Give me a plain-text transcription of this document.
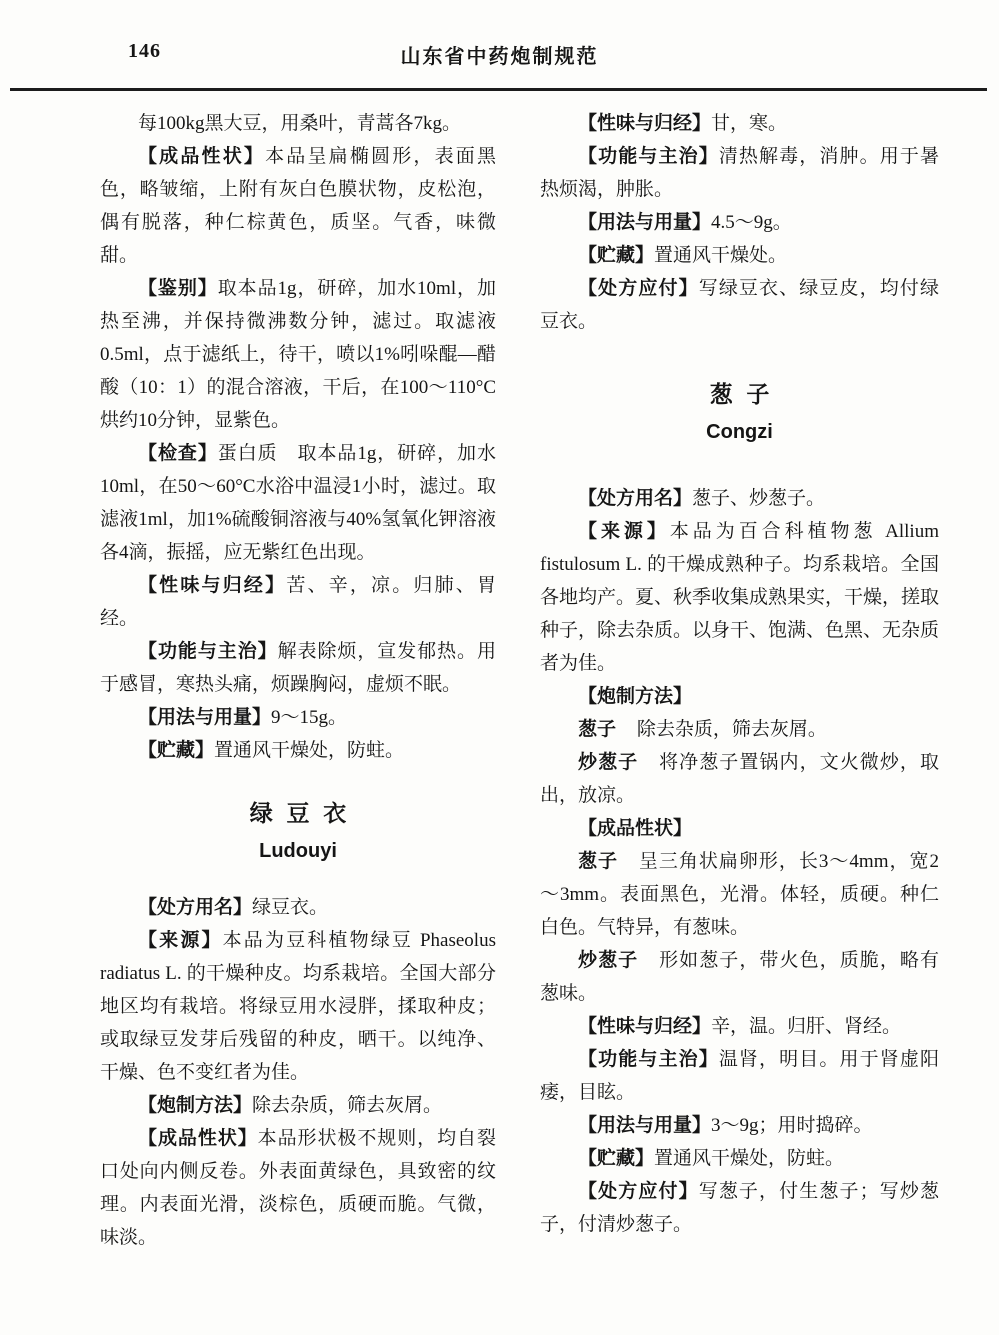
146	山东省中药炮制规范

每100kg黑大豆，用桑叶，青蒿各7kg。

【成品性状】本品呈扁椭圆形，表面黑色，略皱缩，上附有灰白色膜状物，皮松泡，偶有脱落，种仁棕黄色，质坚。气香，味微甜。

【鉴别】取本品1g，研碎，加水10ml，加热至沸，并保持微沸数分钟，滤过。取滤液0.5ml，点于滤纸上，待干，喷以1%吲哚醌—醋酸（10：1）的混合溶液，干后，在100～110°C烘约10分钟，显紫色。

【检查】蛋白质　取本品1g，研碎，加水10ml，在50～60°C水浴中温浸1小时，滤过。取滤液1ml，加1%硫酸铜溶液与40%氢氧化钾溶液各4滴，振摇，应无紫红色出现。

【性味与归经】苦、辛，凉。归肺、胃经。

【功能与主治】解表除烦，宣发郁热。用于感冒，寒热头痛，烦躁胸闷，虚烦不眠。

【用法与用量】9～15g。

【贮藏】置通风干燥处，防蛀。

绿豆衣
Ludouyi

【处方用名】绿豆衣。

【来源】本品为豆科植物绿豆 Phaseolus radiatus L. 的干燥种皮。均系栽培。全国大部分地区均有栽培。将绿豆用水浸胖，揉取种皮；或取绿豆发芽后残留的种皮，晒干。以纯净、干燥、色不变红者为佳。

【炮制方法】除去杂质，筛去灰屑。

【成品性状】本品形状极不规则，均自裂口处向内侧反卷。外表面黄绿色，具致密的纹理。内表面光滑，淡棕色，质硬而脆。气微，味淡。

【性味与归经】甘，寒。

【功能与主治】清热解毒，消肿。用于暑热烦渴，肿胀。

【用法与用量】4.5～9g。

【贮藏】置通风干燥处。

【处方应付】写绿豆衣、绿豆皮，均付绿豆衣。

葱子
Congzi

【处方用名】葱子、炒葱子。

【来源】本品为百合科植物葱 Allium fistulosum L. 的干燥成熟种子。均系栽培。全国各地均产。夏、秋季收集成熟果实，干燥，搓取种子，除去杂质。以身干、饱满、色黑、无杂质者为佳。

【炮制方法】

葱子 除去杂质，筛去灰屑。

炒葱子 将净葱子置锅内，文火微炒，取出，放凉。

【成品性状】

葱子 呈三角状扁卵形，长3～4mm，宽2～3mm。表面黑色，光滑。体轻，质硬。种仁白色。气特异，有葱味。

炒葱子 形如葱子，带火色，质脆，略有葱味。

【性味与归经】辛，温。归肝、肾经。

【功能与主治】温肾，明目。用于肾虚阳痿，目眩。

【用法与用量】3～9g；用时捣碎。

【贮藏】置通风干燥处，防蛀。

【处方应付】写葱子，付生葱子；写炒葱子，付清炒葱子。
